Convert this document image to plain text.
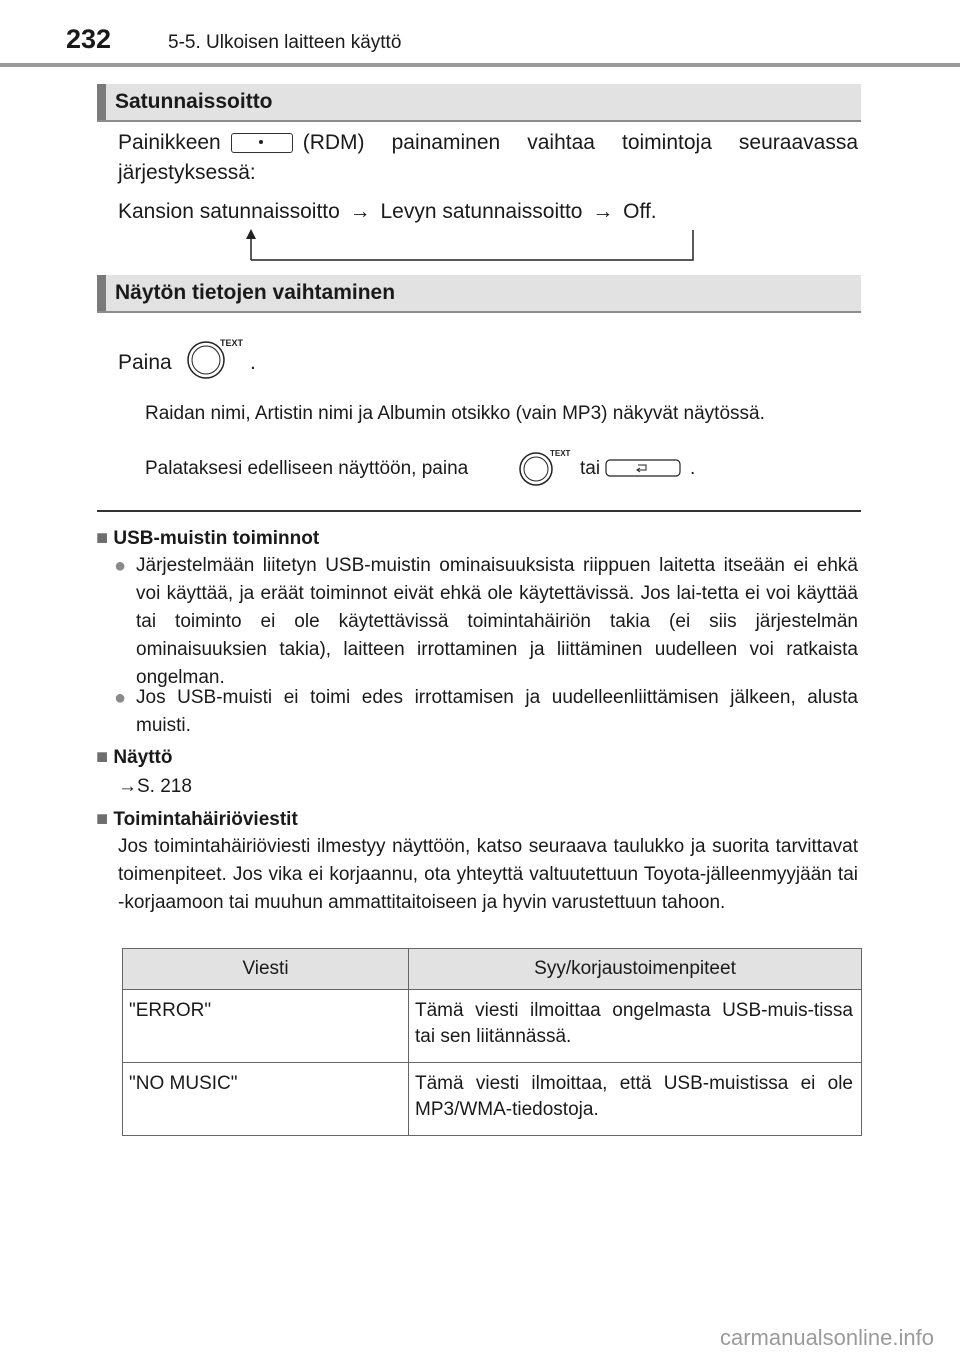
232	5-5. Ulkoisen laitteen käyttö
Satunnaissoitto
Painikkeen	(RDM) painaminen vaihtaa toimintoja seuraavassa
järjestyksessä:
Kansion satunnaissoitto → Levyn satunnaissoitto → Off.
Näytön tietojen vaihtaminen
Paina
TEXT
.
Raidan nimi, Artistin nimi ja Albumin otsikko (vain MP3) näkyvät näytössä.
Palataksesi edelliseen näyttöön, paina
TEXT
tai	.
■ USB-muistin toiminnot
● Järjestelmään liitetyn USB-muistin ominaisuuksista riippuen laitetta itseään ei ehkä voi käyttää, ja eräät toiminnot eivät ehkä ole käytettävissä. Jos lai-tetta ei voi käyttää tai toiminto ei ole käytettävissä toimintahäiriön takia (ei siis järjestelmän ominaisuuksien takia), laitteen irrottaminen ja liittäminen uudelleen voi ratkaista ongelman.
● Jos USB-muisti ei toimi edes irrottamisen ja uudelleenliittämisen jälkeen, alusta muisti.
■ Näyttö
→S. 218
■ Toimintahäiriöviestit
Jos toimintahäiriöviesti ilmestyy näyttöön, katso seuraava taulukko ja suorita tarvittavat toimenpiteet. Jos vika ei korjaannu, ota yhteyttä valtuutettuun Toyota-jälleenmyyjään tai -korjaamoon tai muuhun ammattitaitoiseen ja hyvin varustettuun tahoon.
Viesti	Syy/korjaustoimenpiteet
"ERROR"	Tämä viesti ilmoittaa ongelmasta USB-muis-tissa tai sen liitännässä.
"NO MUSIC"	Tämä viesti ilmoittaa, että USB-muistissa ei ole MP3/WMA-tiedostoja.
carmanualsonline.info
